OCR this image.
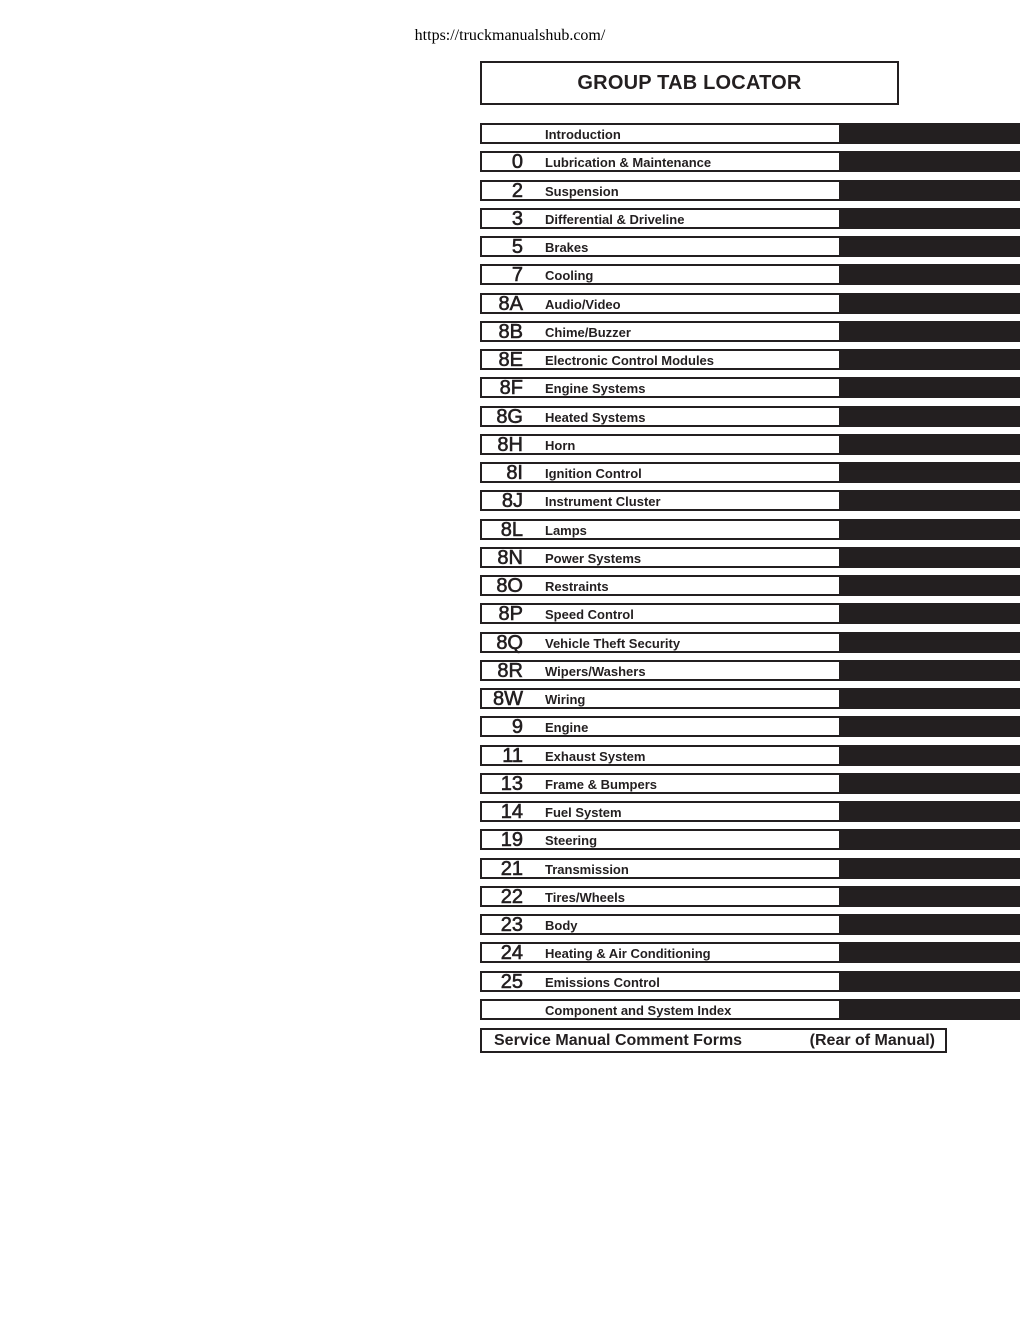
https://truckmanualshub.com/
GROUP TAB LOCATOR
Introduction
0 Lubrication & Maintenance
2 Suspension
3 Differential & Driveline
5 Brakes
7 Cooling
8A Audio/Video
8B Chime/Buzzer
8E Electronic Control Modules
8F Engine Systems
8G Heated Systems
8H Horn
8I Ignition Control
8J Instrument Cluster
8L Lamps
8N Power Systems
8O Restraints
8P Speed Control
8Q Vehicle Theft Security
8R Wipers/Washers
8W Wiring
9 Engine
11 Exhaust System
13 Frame & Bumpers
14 Fuel System
19 Steering
21 Transmission
22 Tires/Wheels
23 Body
24 Heating & Air Conditioning
25 Emissions Control
Component and System Index
Service Manual Comment Forms	(Rear of Manual)
